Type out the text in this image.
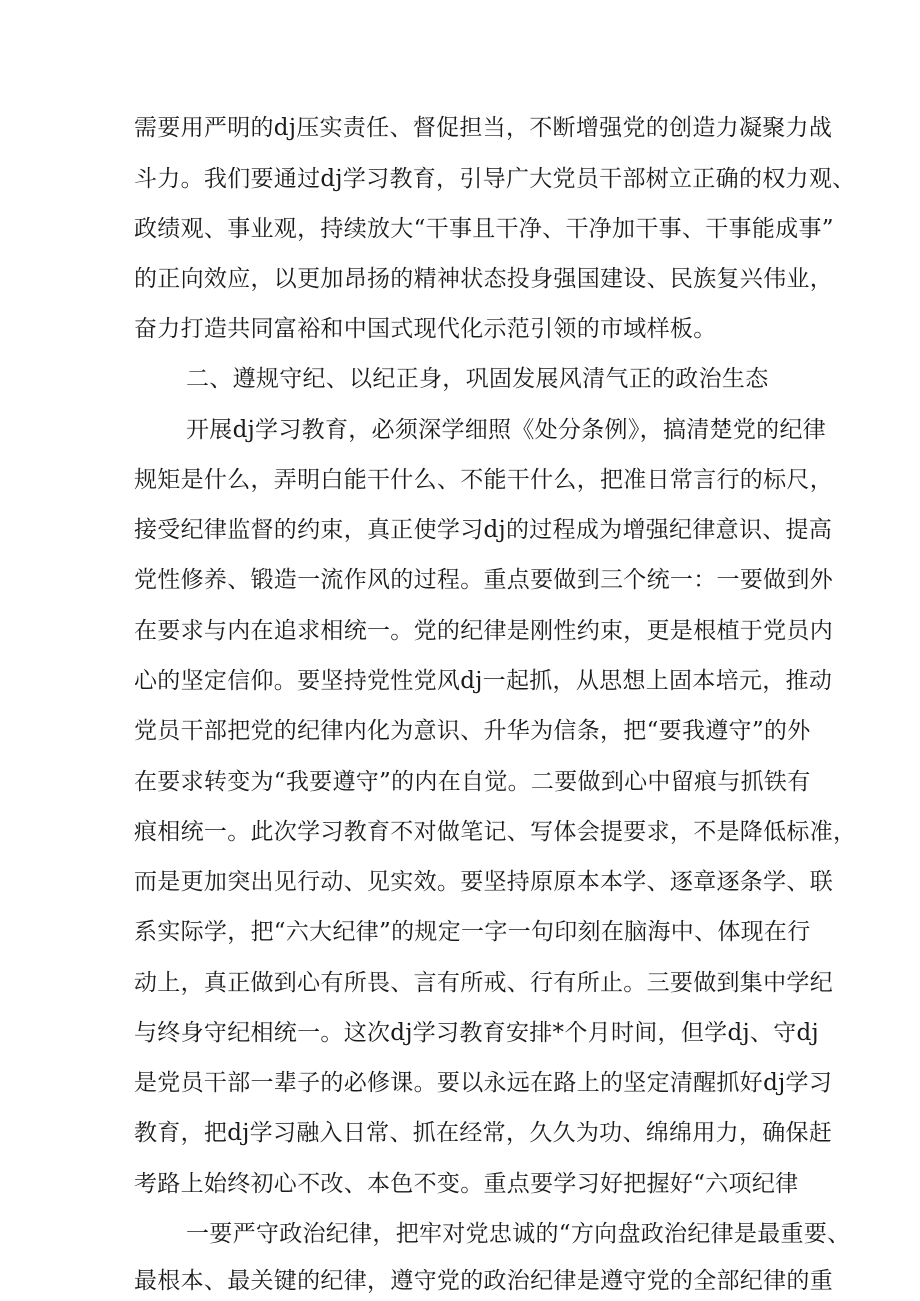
需要用严明的dj压实责任、督促担当，不断增强党的创造力凝聚力战
斗力。我们要通过dj学习教育，引导广大党员干部树立正确的权力观、
政绩观、事业观，持续放大“干事且干净、干净加干事、干事能成事”
的正向效应，以更加昂扬的精神状态投身强国建设、民族复兴伟业，
奋力打造共同富裕和中国式现代化示范引领的市域样板。
二、遵规守纪、以纪正身，巩固发展风清气正的政治生态
开展dj学习教育，必须深学细照《处分条例》，搞清楚党的纪律
规矩是什么，弄明白能干什么、不能干什么，把准日常言行的标尺，
接受纪律监督的约束，真正使学习dj的过程成为增强纪律意识、提高
党性修养、锻造一流作风的过程。重点要做到三个统一：一要做到外
在要求与内在追求相统一。党的纪律是刚性约束，更是根植于党员内
心的坚定信仰。要坚持党性党风dj一起抓，从思想上固本培元，推动
党员干部把党的纪律内化为意识、升华为信条，把“要我遵守”的外
在要求转变为“我要遵守”的内在自觉。二要做到心中留痕与抓铁有
痕相统一。此次学习教育不对做笔记、写体会提要求，不是降低标准，
而是更加突出见行动、见实效。要坚持原原本本学、逐章逐条学、联
系实际学，把“六大纪律”的规定一字一句印刻在脑海中、体现在行
动上，真正做到心有所畏、言有所戒、行有所止。三要做到集中学纪
与终身守纪相统一。这次dj学习教育安排*个月时间，但学dj、守dj
是党员干部一辈子的必修课。要以永远在路上的坚定清醒抓好dj学习
教育，把dj学习融入日常、抓在经常，久久为功、绵绵用力，确保赶
考路上始终初心不改、本色不变。重点要学习好把握好“六项纪律
一要严守政治纪律，把牢对党忠诚的“方向盘政治纪律是最重要、
最根本、最关键的纪律，遵守党的政治纪律是遵守党的全部纪律的重
